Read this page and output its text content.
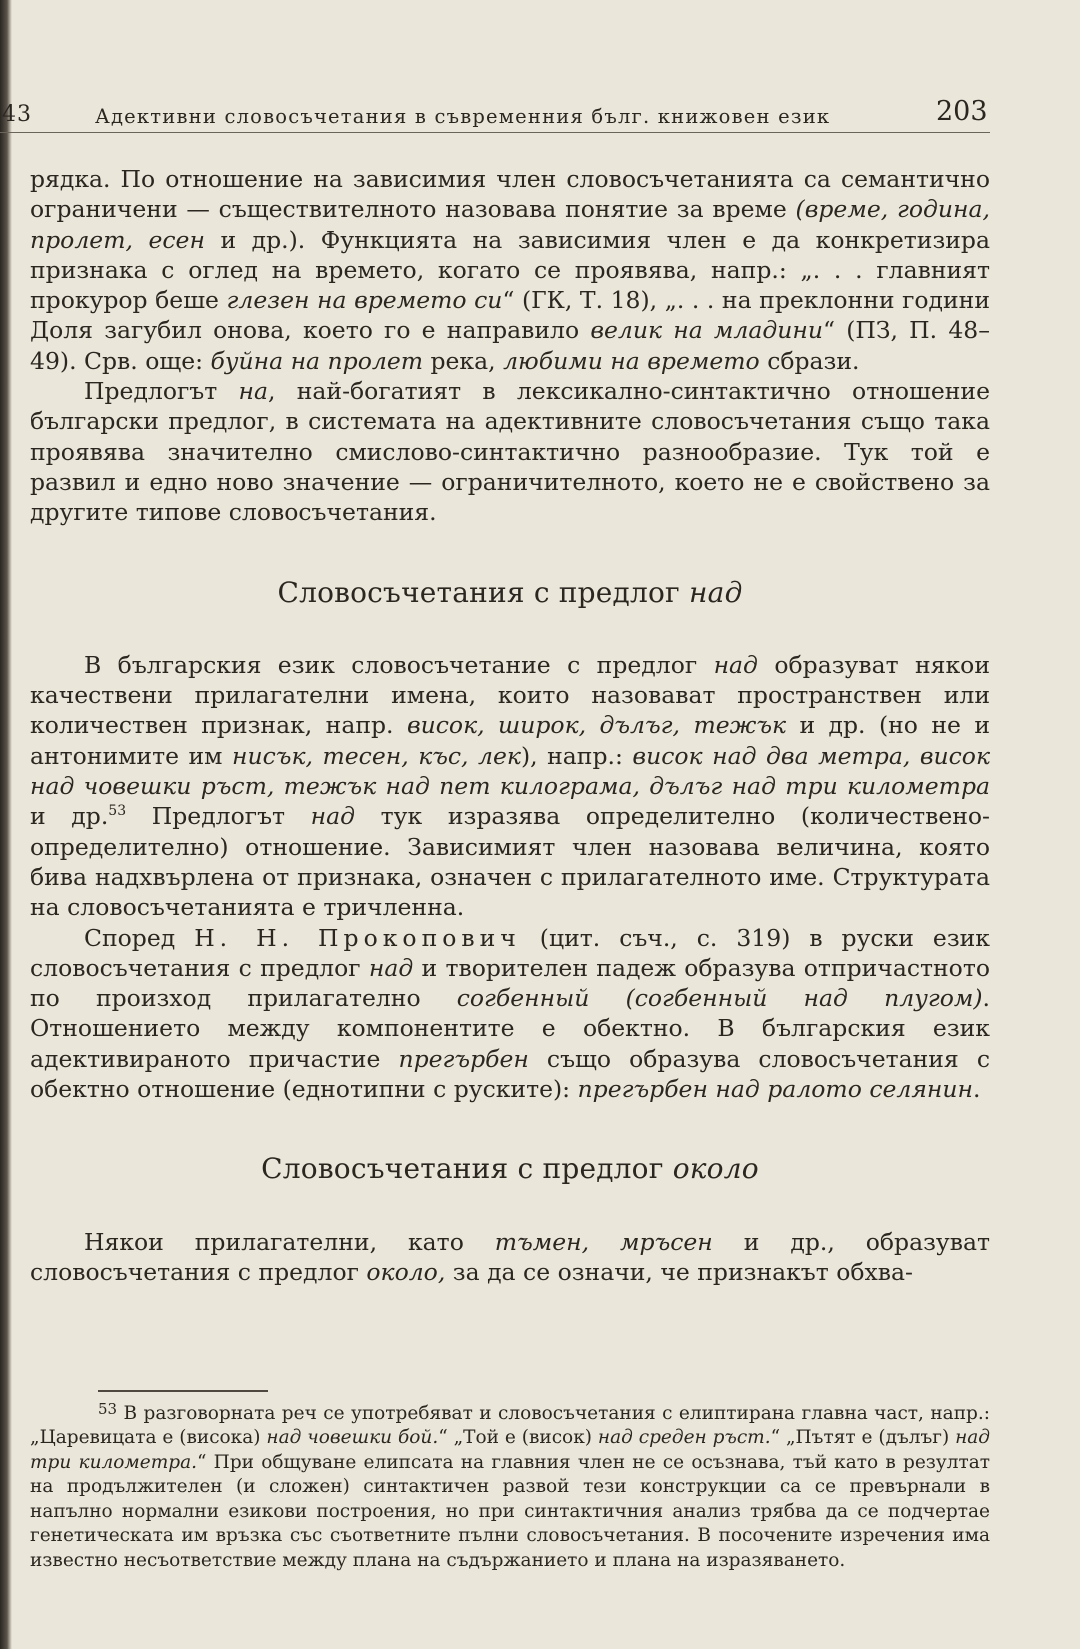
43	Адективни словосъчетания в съвременния бълг. книжовен език	203

рядка. По отношение на зависимия член словосъчетанията са семантично ограничени — съществителното назовава понятие за време (време, година, пролет, есен и др.). Функцията на зависимия член е да конкретизира признака с оглед на времето, когато се проявява, напр.: „. . . главният прокурор беше глезен на времето си“ (ГК, Т. 18), „. . . на преклонни години Доля загубил онова, което го е направило велик на младини“ (ПЗ, П. 48–49). Срв. още: буйна на пролет река, любими на времето сбрази.

Предлогът на, най-богатият в лексикално-синтактично отношение български предлог, в системата на адективните словосъчетания също така проявява значително смислово-синтактично разнообразие. Тук той е развил и едно ново значение — ограничителното, което не е свойствено за другите типове словосъчетания.

Словосъчетания с предлог над

В българския език словосъчетание с предлог над образуват някои качествени прилагателни имена, които назовават пространствен или количествен признак, напр. висок, широк, дълъг, тежък и др. (но не и антонимите им нисък, тесен, къс, лек), напр.: висок над два метра, висок над човешки ръст, тежък над пет килограма, дълъг над три километра и др.$^{53}$ Предлогът над тук изразява определително (количествено-определително) отношение. Зависимият член назовава величина, която бива надхвърлена от признака, означен с прилагателното име. Структурата на словосъчетанията е тричленна.

Според Н. Н. Прокопович (цит. съч., с. 319) в руски език словосъчетания с предлог над и творителен падеж образува отпричастното по произход прилагателно согбенный (согбенный над плугом). Отношението между компонентите е обектно. В българския език адективираното причастие прегърбен също образува словосъчетания с обектно отношение (еднотипни с руските): прегърбен над ралото селянин.

Словосъчетания с предлог около

Някои прилагателни, като тъмен, мръсен и др., образуват словосъчетания с предлог около, за да се означи, че признакът обхва-

$^{53}$ В разговорната реч се употребяват и словосъчетания с елиптирана главна част, напр.: „Царевицата е (висока) над човешки бой.“ „Той е (висок) над среден ръст.“ „Пътят е (дълъг) над три километра.“ При общуване елипсата на главния член не се осъзнава, тъй като в резултат на продължителен (и сложен) синтактичен развой тези конструкции са се превърнали в напълно нормални езикови построения, но при синтактичния анализ трябва да се подчертае генетическата им връзка със съответните пълни словосъчетания. В посочените изречения има известно несъответствие между плана на съдържанието и плана на изразяването.
